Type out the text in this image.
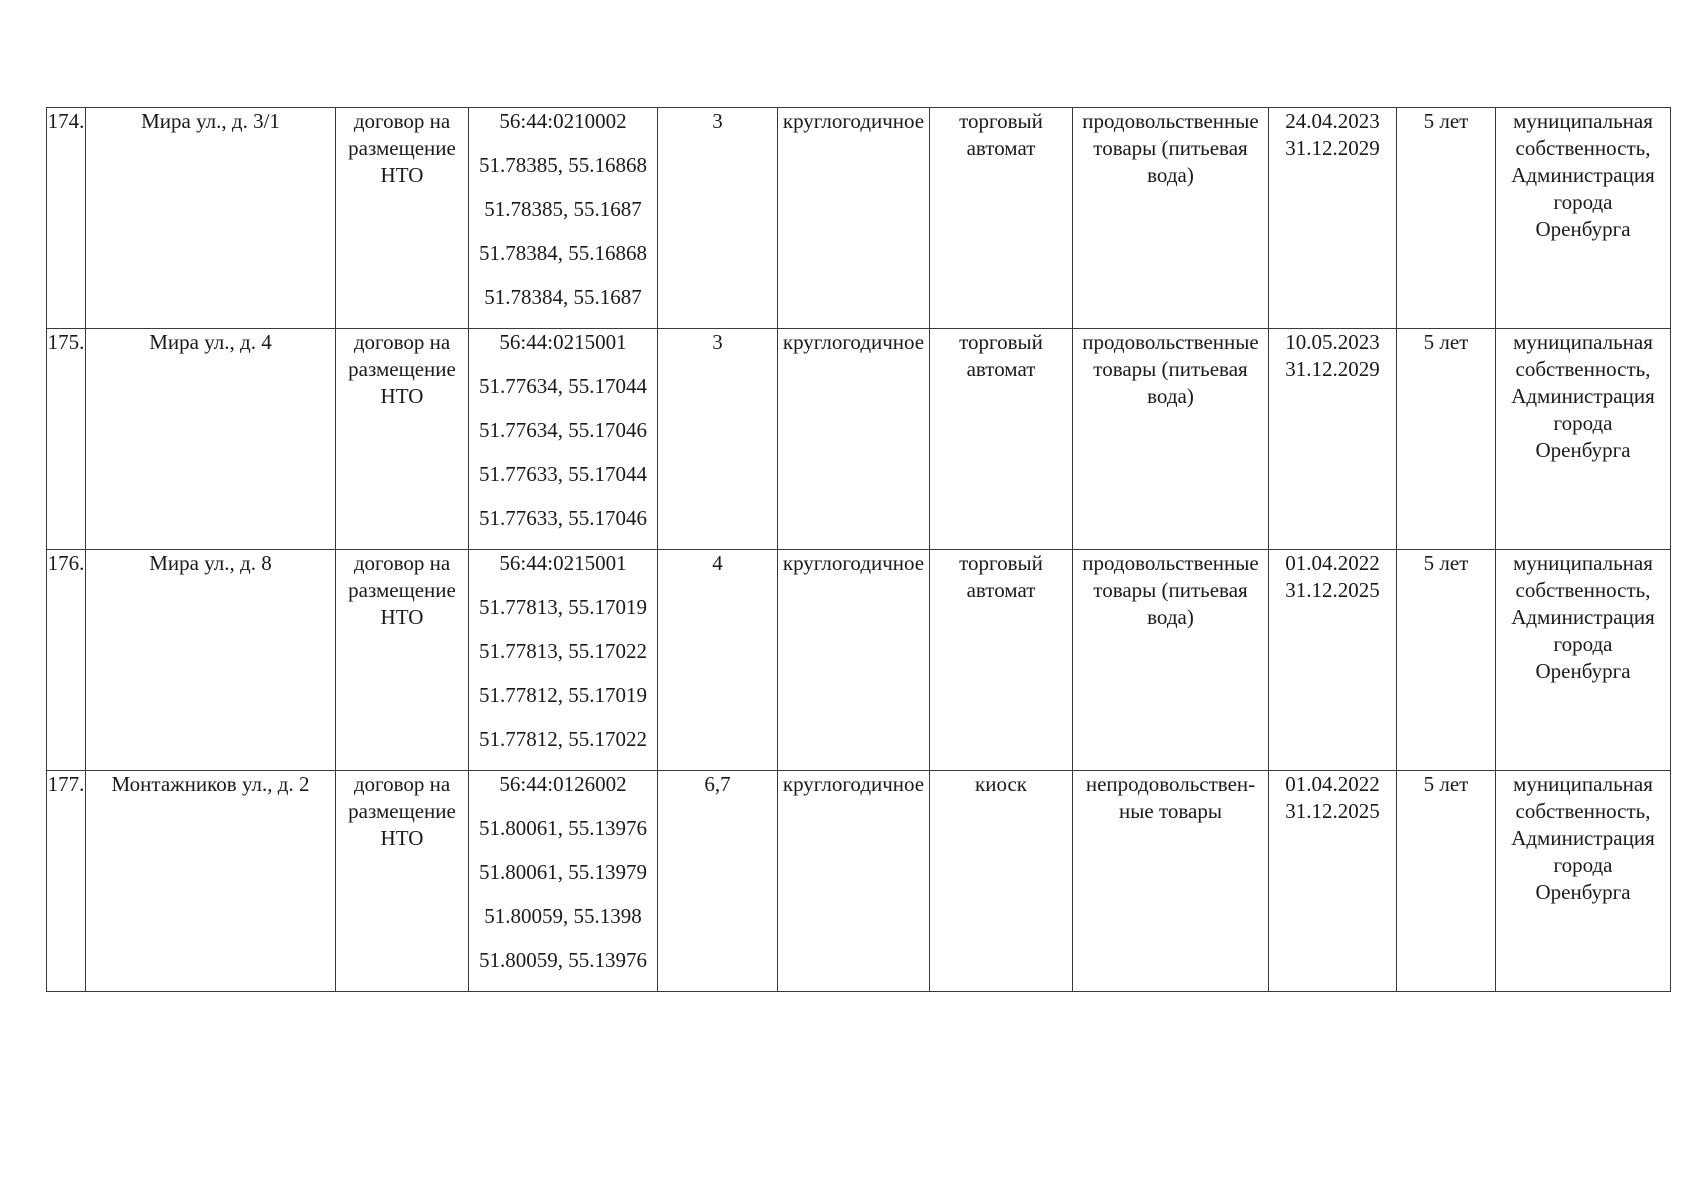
174.	Мира ул., д. 3/1	договор на
размещение
НТО	56:44:0210002
51.78385, 55.16868
51.78385, 55.1687
51.78384, 55.16868
51.78384, 55.1687	3	круглогодичное	торговый
автомат	продовольственные
товары (питьевая
вода)	24.04.2023
31.12.2029	5 лет	муниципальная
собственность,
Администрация
города
Оренбурга

175.	Мира ул., д. 4	договор на
размещение
НТО	56:44:0215001
51.77634, 55.17044
51.77634, 55.17046
51.77633, 55.17044
51.77633, 55.17046	3	круглогодичное	торговый
автомат	продовольственные
товары (питьевая
вода)	10.05.2023
31.12.2029	5 лет	муниципальная
собственность,
Администрация
города
Оренбурга

176.	Мира ул., д. 8	договор на
размещение
НТО	56:44:0215001
51.77813, 55.17019
51.77813, 55.17022
51.77812, 55.17019
51.77812, 55.17022	4	круглогодичное	торговый
автомат	продовольственные
товары (питьевая
вода)	01.04.2022
31.12.2025	5 лет	муниципальная
собственность,
Администрация
города
Оренбурга

177.	Монтажников ул., д. 2	договор на
размещение
НТО	56:44:0126002
51.80061, 55.13976
51.80061, 55.13979
51.80059, 55.1398
51.80059, 55.13976	6,7	круглогодичное	киоск	непродовольствен-
ные товары	01.04.2022
31.12.2025	5 лет	муниципальная
собственность,
Администрация
города
Оренбурга
